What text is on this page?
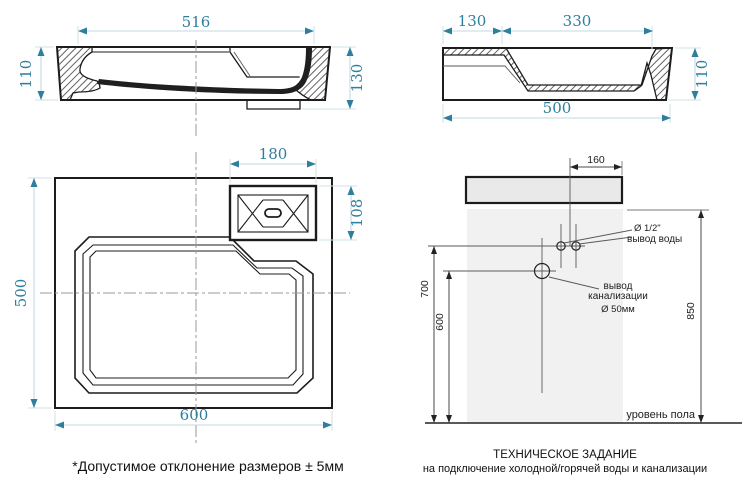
516
110	130
130	330
110
500
180
108
500
600
160
700
600
850
Ø 1/2"
вывод воды
вывод
канализации
Ø 50мм
уровень пола
*Допустимое отклонение размеров ± 5мм
ТЕХНИЧЕСКОЕ ЗАДАНИЕ
на подключение холодной/горячей воды и канализации
